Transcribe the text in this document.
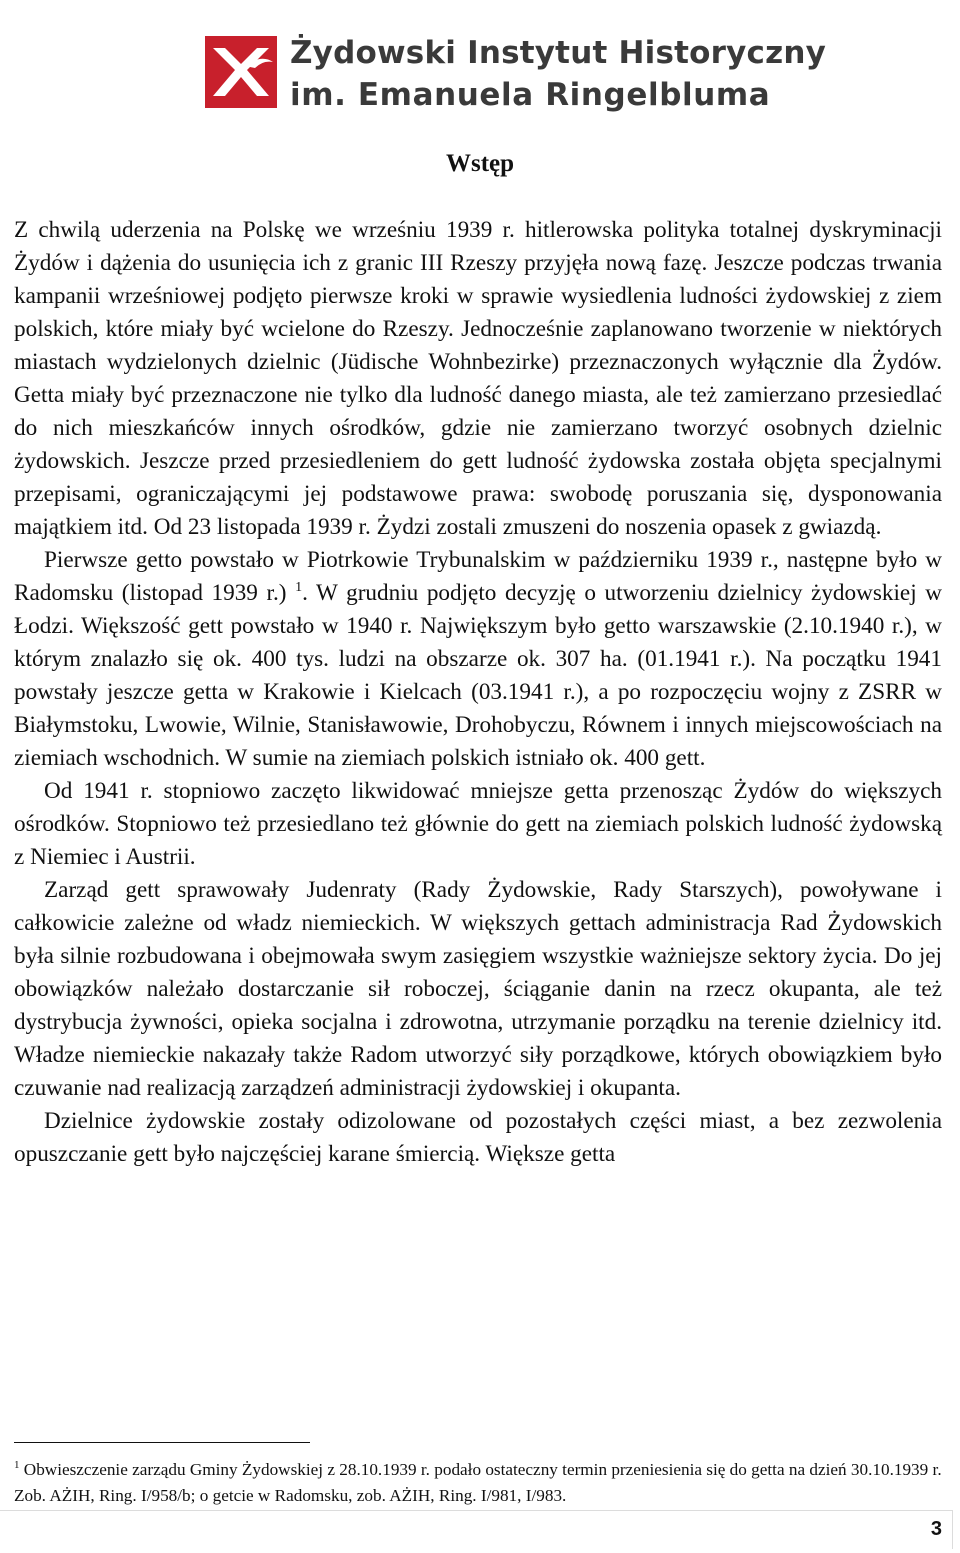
Żydowski Instytut Historyczny
im. Emanuela Ringelbluma
Wstęp

Z chwilą uderzenia na Polskę we wrześniu 1939 r. hitlerowska polityka totalnej dyskryminacji Żydów i dążenia do usunięcia ich z granic III Rzeszy przyjęła nową fazę. Jeszcze podczas trwania kampanii wrześniowej podjęto pierwsze kroki w sprawie wysiedlenia ludności żydowskiej z ziem polskich, które miały być wcielone do Rzeszy. Jednocześnie zaplanowano tworzenie w niektórych miastach wydzielonych dzielnic (Jüdische Wohnbezirke) przeznaczonych wyłącznie dla Żydów. Getta miały być przeznaczone nie tylko dla ludność danego miasta, ale też zamierzano przesiedlać do nich mieszkańców innych ośrodków, gdzie nie zamierzano tworzyć osobnych dzielnic żydowskich. Jeszcze przed przesiedleniem do gett ludność żydowska została objęta specjalnymi przepisami, ograniczającymi jej podstawowe prawa: swobodę poruszania się, dysponowania majątkiem itd. Od 23 listopada 1939 r. Żydzi zostali zmuszeni do noszenia opasek z gwiazdą.

Pierwsze getto powstało w Piotrkowie Trybunalskim w październiku 1939 r., następne było w Radomsku (listopad 1939 r.) $^1$. W grudniu podjęto decyzję o utworzeniu dzielnicy żydowskiej w Łodzi. Większość gett powstało w 1940 r. Największym było getto warszawskie (2.10.1940 r.), w którym znalazło się ok. 400 tys. ludzi na obszarze ok. 307 ha. (01.1941 r.). Na początku 1941 powstały jeszcze getta w Krakowie i Kielcach (03.1941 r.), a po rozpoczęciu wojny z ZSRR w Białymstoku, Lwowie, Wilnie, Stanisławowie, Drohobyczu, Równem i innych miejscowościach na ziemiach wschodnich. W sumie na ziemiach polskich istniało ok. 400 gett.

Od 1941 r. stopniowo zaczęto likwidować mniejsze getta przenosząc Żydów do większych ośrodków. Stopniowo też przesiedlano też głównie do gett na ziemiach polskich ludność żydowską z Niemiec i Austrii.

Zarząd gett sprawowały Judenraty (Rady Żydowskie, Rady Starszych), powoływane i całkowicie zależne od władz niemieckich. W większych gettach administracja Rad Żydowskich była silnie rozbudowana i obejmowała swym zasięgiem wszystkie ważniejsze sektory życia. Do jej obowiązków należało dostarczanie sił roboczej, ściąganie danin na rzecz okupanta, ale też dystrybucja żywności, opieka socjalna i zdrowotna, utrzymanie porządku na terenie dzielnicy itd. Władze niemieckie nakazały także Radom utworzyć siły porządkowe, których obowiązkiem było czuwanie nad realizacją zarządzeń administracji żydowskiej i okupanta.

Dzielnice żydowskie zostały odizolowane od pozostałych części miast, a bez zezwolenia opuszczanie gett było najczęściej karane śmiercią. Większe getta

$^1$ Obwieszczenie zarządu Gminy Żydowskiej z 28.10.1939 r. podało ostateczny termin przeniesienia się do getta na dzień 30.10.1939 r. Zob. AŻIH, Ring. I/958/b; o getcie w Radomsku, zob. AŻIH, Ring. I/981, I/983.
3
